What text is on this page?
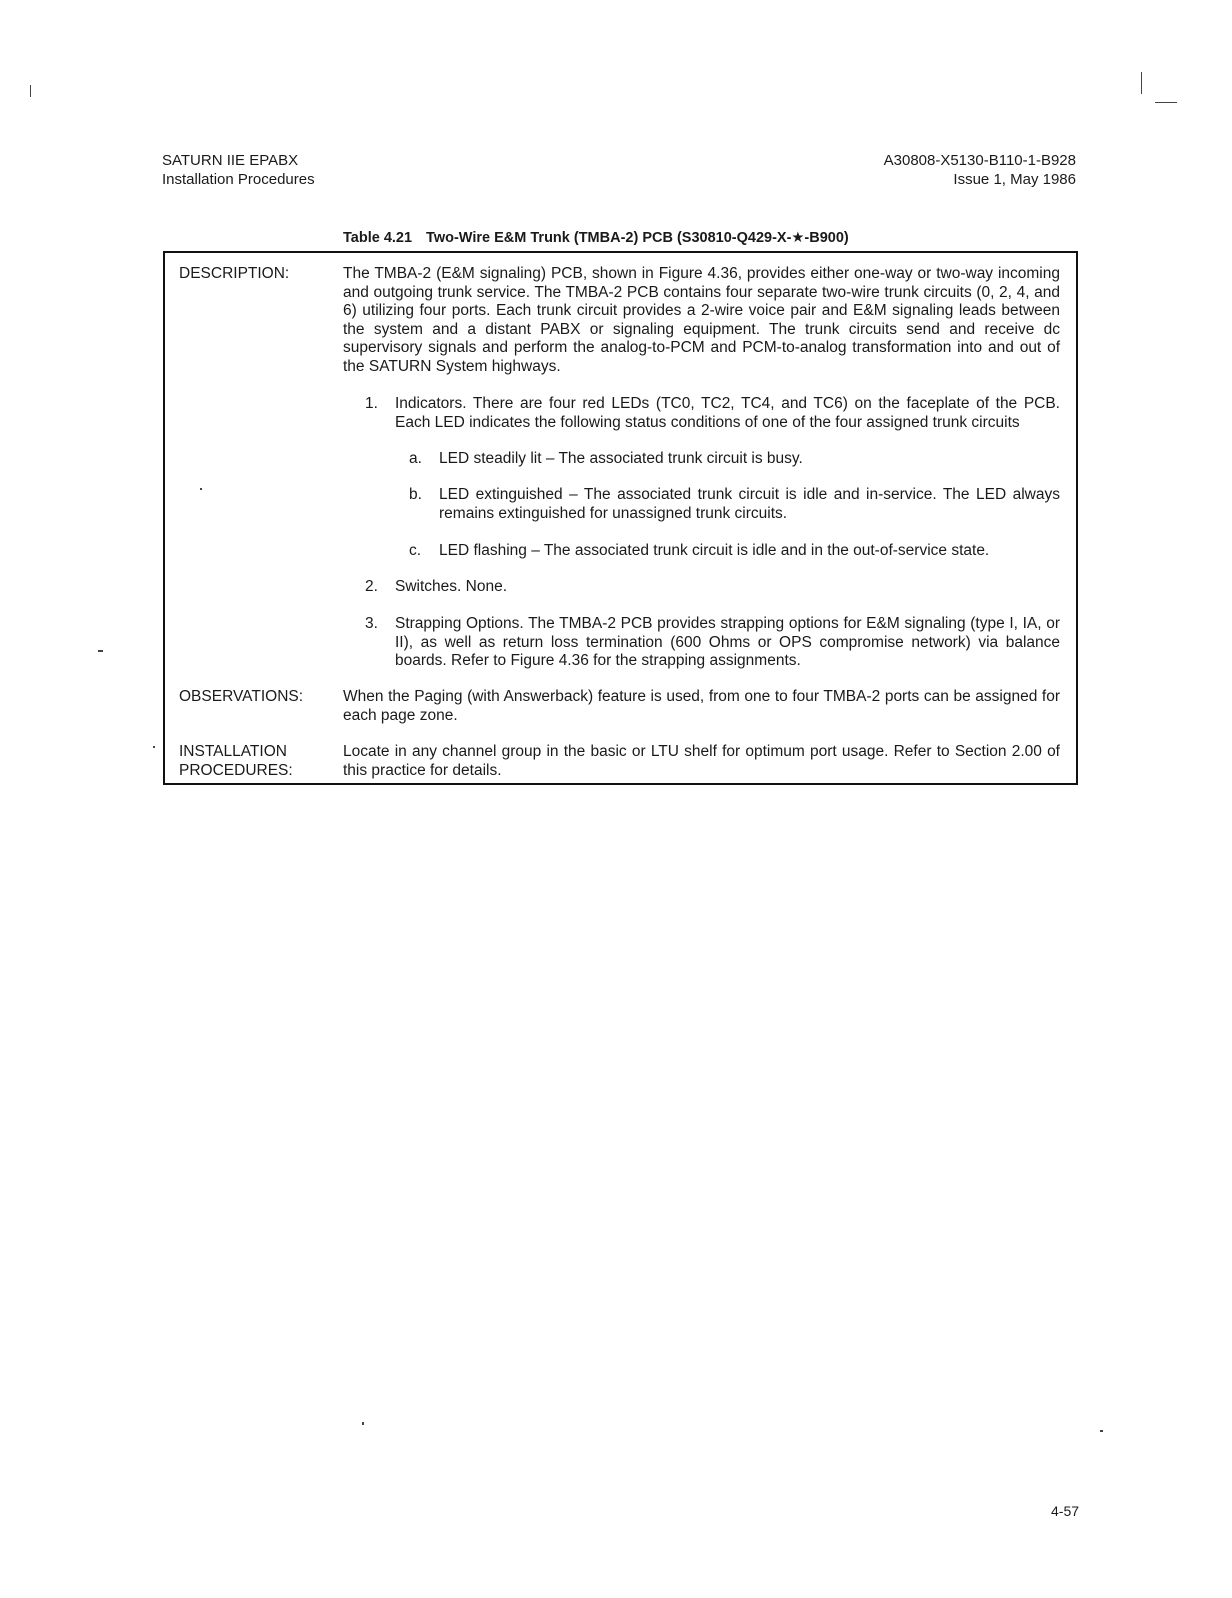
SATURN IIE EPABX
Installation Procedures
A30808-X5130-B110-1-B928
Issue 1, May 1986
Table 4.21 Two-Wire E&M Trunk (TMBA-2) PCB (S30810-Q429-X-★-B900)
DESCRIPTION:	The TMBA-2 (E&M signaling) PCB, shown in Figure 4.36, provides either one-way or two-way incoming and outgoing trunk service. The TMBA-2 PCB contains four separate two-wire trunk circuits (0, 2, 4, and 6) utilizing four ports. Each trunk circuit provides a 2-wire voice pair and E&M signaling leads between the system and a distant PABX or signaling equipment. The trunk circuits send and receive dc supervisory signals and perform the analog-to-PCM and PCM-to-analog transformation into and out of the SATURN System highways.
1. Indicators. There are four red LEDs (TC0, TC2, TC4, and TC6) on the faceplate of the PCB. Each LED indicates the following status conditions of one of the four assigned trunk circuits
a. LED steadily lit – The associated trunk circuit is busy.
b. LED extinguished – The associated trunk circuit is idle and in-service. The LED always remains extinguished for unassigned trunk circuits.
c. LED flashing – The associated trunk circuit is idle and in the out-of-service state.
2. Switches. None.
3. Strapping Options. The TMBA-2 PCB provides strapping options for E&M signaling (type I, IA, or II), as well as return loss termination (600 Ohms or OPS compromise network) via balance boards. Refer to Figure 4.36 for the strapping assignments.
OBSERVATIONS:	When the Paging (with Answerback) feature is used, from one to four TMBA-2 ports can be assigned for each page zone.
INSTALLATION
PROCEDURES:
Locate in any channel group in the basic or LTU shelf for optimum port usage. Refer to Section 2.00 of this practice for details.
4-57
